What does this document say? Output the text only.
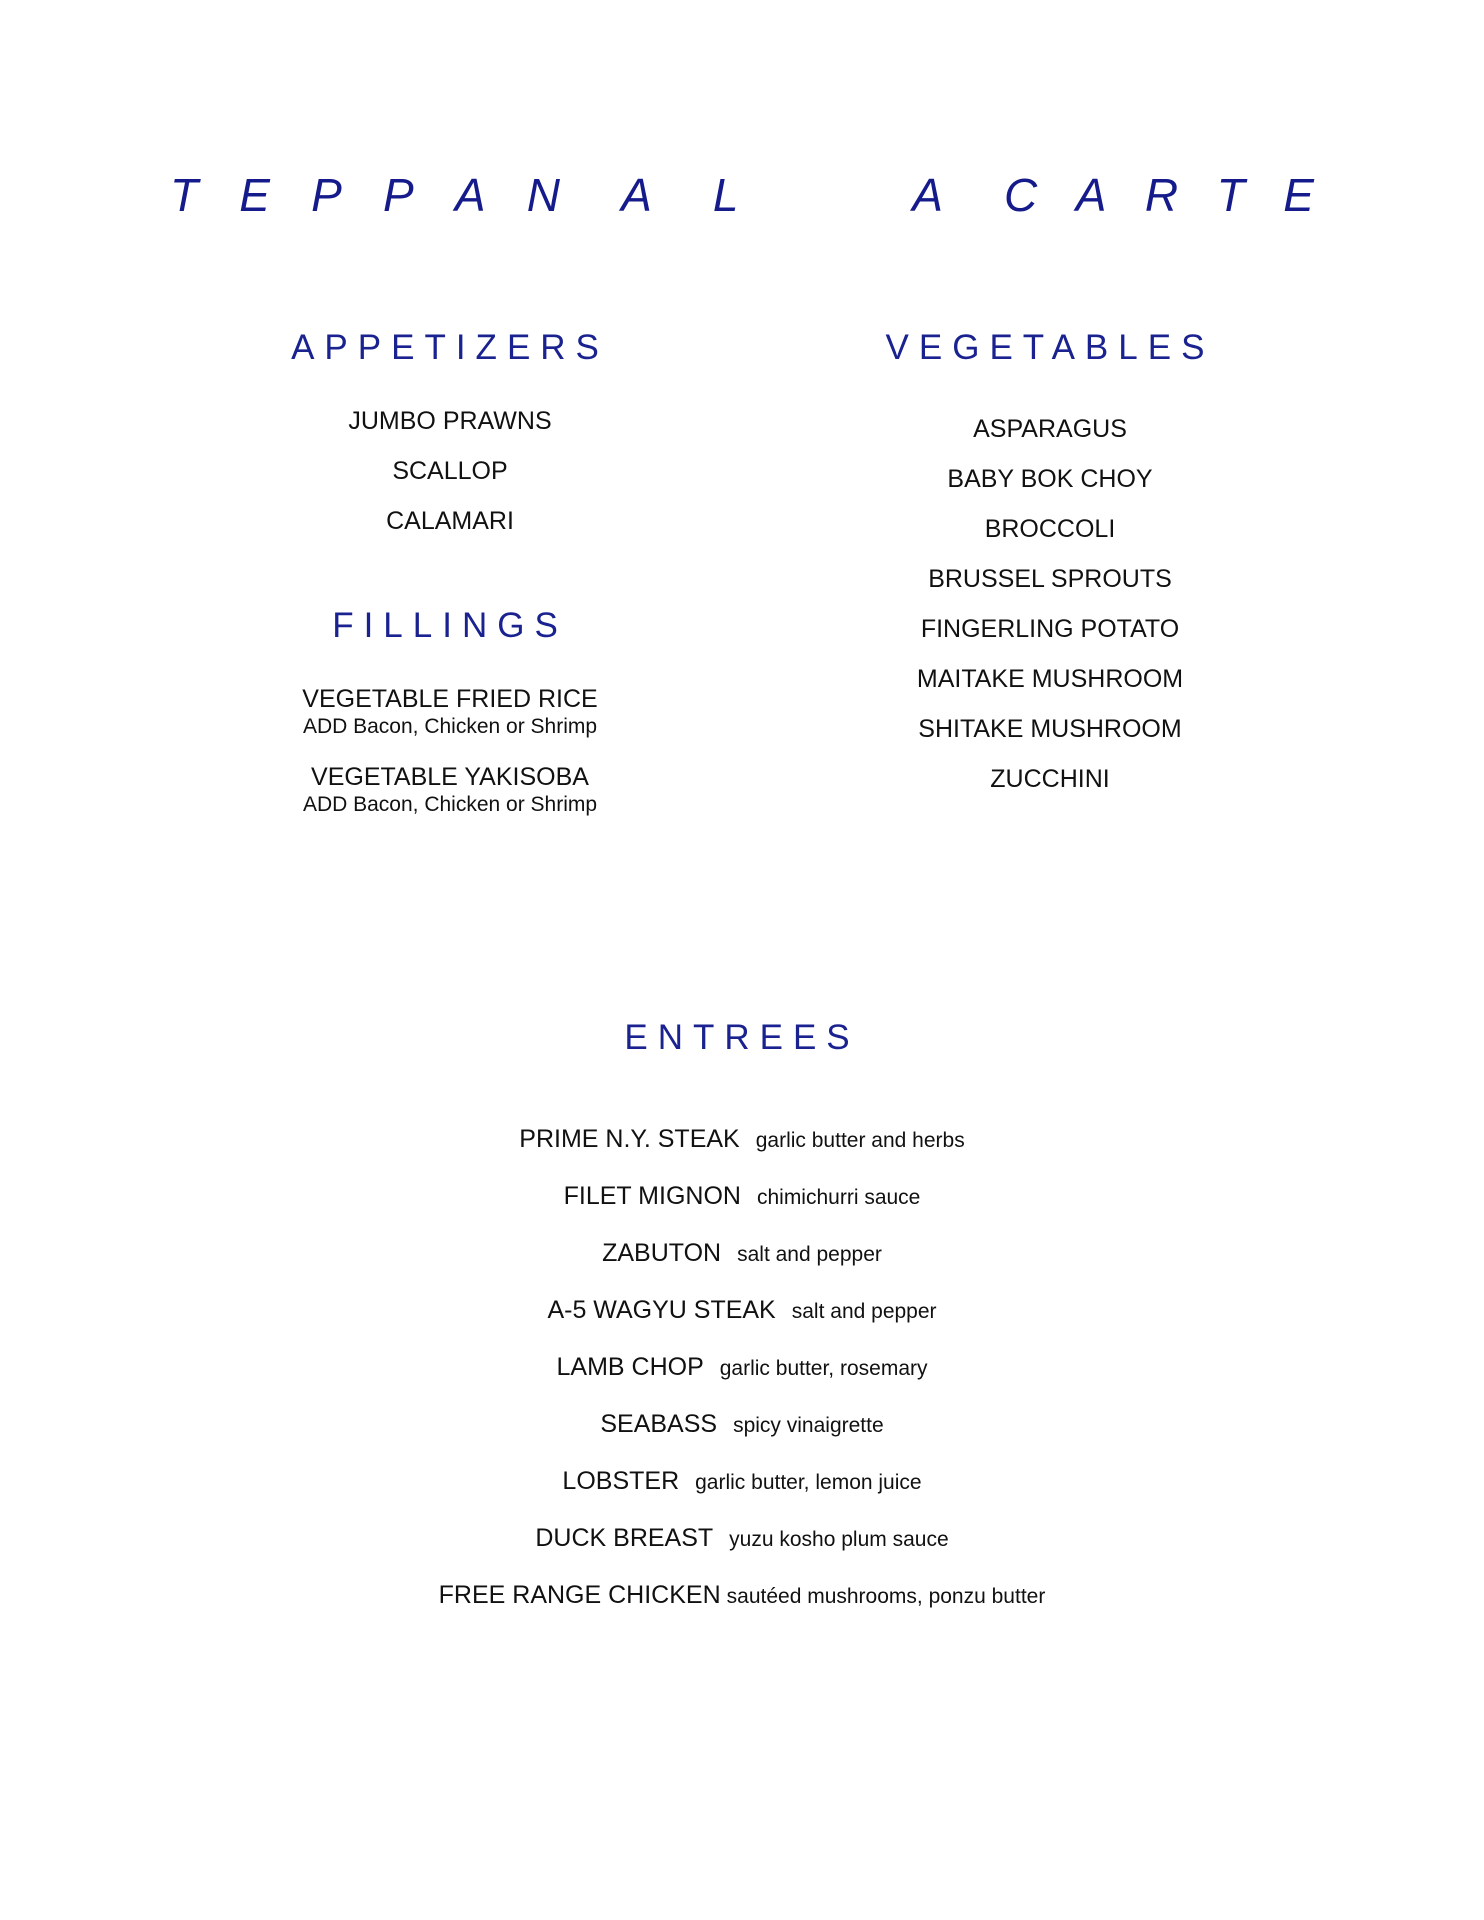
T E P P A N A L	A C A R T E
APPETIZERS
JUMBO PRAWNS
SCALLOP
CALAMARI
FILLINGS
VEGETABLE FRIED RICE
ADD Bacon, Chicken or Shrimp
VEGETABLE YAKISOBA
ADD Bacon, Chicken or Shrimp
VEGETABLES
ASPARAGUS
BABY BOK CHOY
BROCCOLI
BRUSSEL SPROUTS
FINGERLING POTATO
MAITAKE MUSHROOM
SHITAKE MUSHROOM
ZUCCHINI
ENTREES
PRIME N.Y. STEAK garlic butter and herbs
FILET MIGNON chimichurri sauce
ZABUTON salt and pepper
A-5 WAGYU STEAK salt and pepper
LAMB CHOP garlic butter, rosemary
SEABASS spicy vinaigrette
LOBSTER garlic butter, lemon juice
DUCK BREAST yuzu kosho plum sauce
FREE RANGE CHICKEN sautéed mushrooms, ponzu butter
